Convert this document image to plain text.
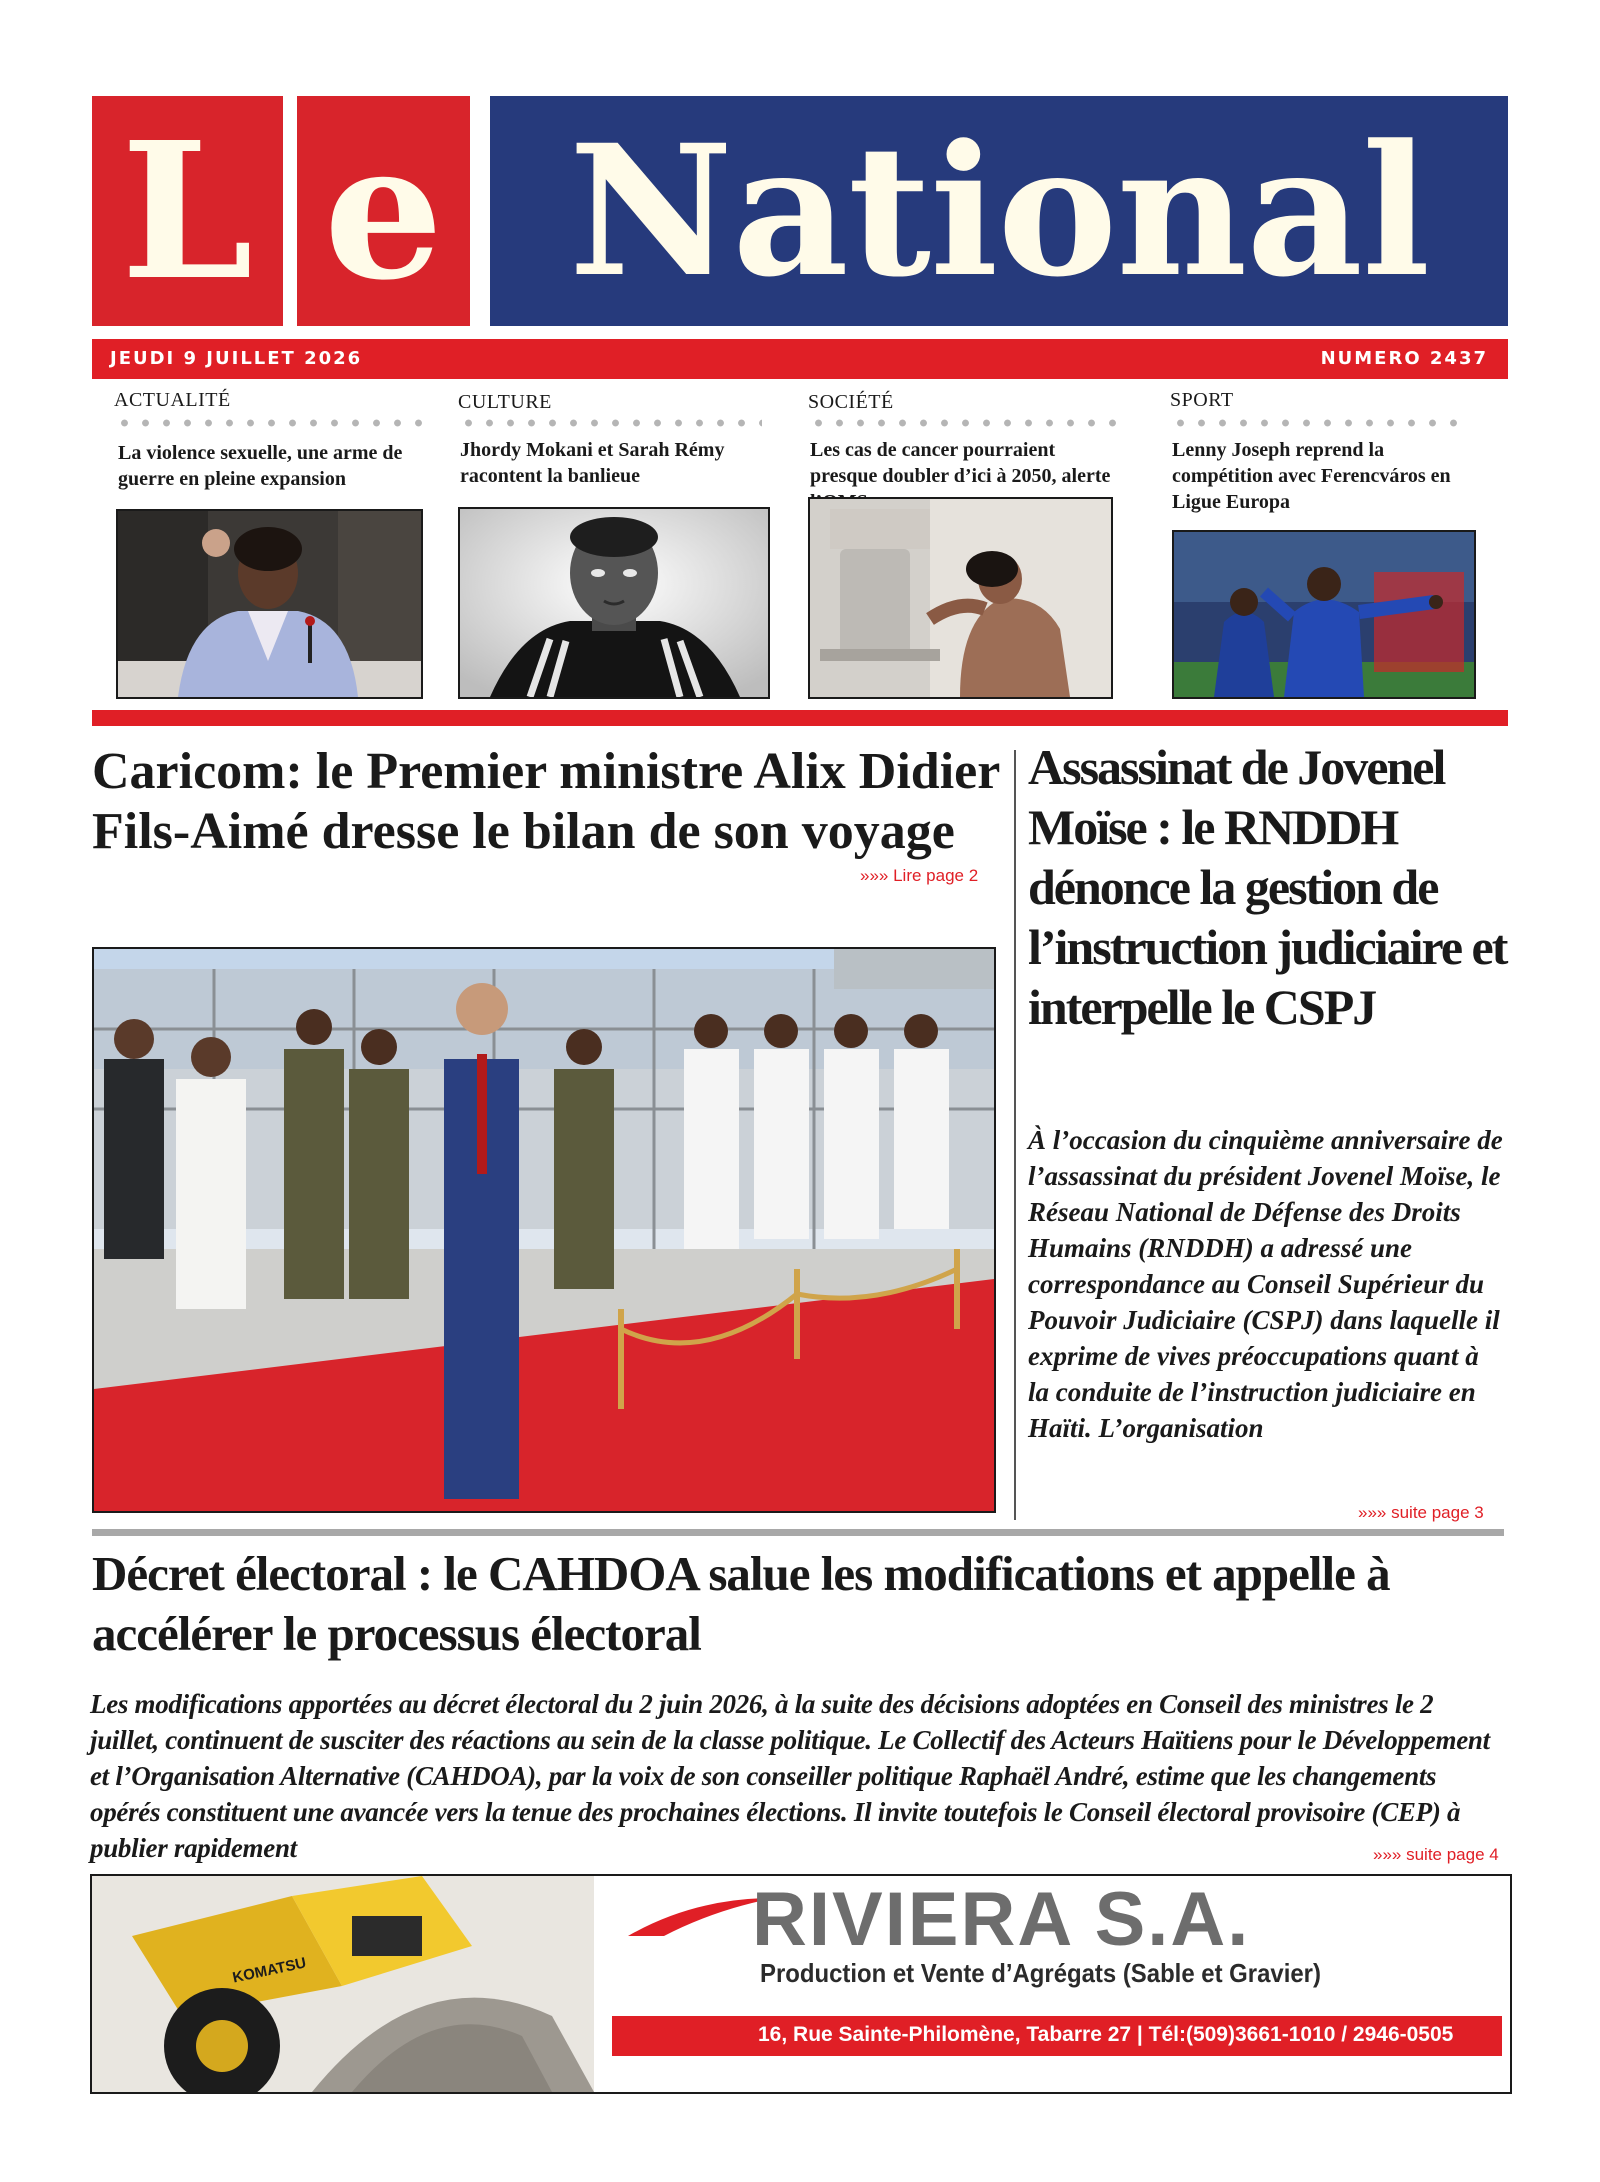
L e National
JEUDI 9 JUILLET 2026	NUMERO 2437
ACTUALITÉ
La violence sexuelle, une arme de guerre en pleine expansion
CULTURE
Jhordy Mokani et Sarah Rémy racontent la banlieue
SOCIÉTÉ
Les cas de cancer pourraient presque doubler d’ici à 2050, alerte
SPORT
Lenny Joseph reprend la compétition avec Ferencváros en Ligue Europa
Caricom: le Premier ministre Alix Didier Fils-Aimé dresse le bilan de son voyage
»»» Lire page 2
Assassinat de Jovenel Moïse : le RNDDH dénonce la gestion de l’instruction judiciaire et interpelle le CSPJ
À l’occasion du cinquième anniversaire de l’assassinat du président Jovenel Moïse, le Réseau National de Défense des Droits Humains (RNDDH) a adressé une correspondance au Conseil Supérieur du Pouvoir Judiciaire (CSPJ) dans laquelle il exprime de vives préoccupations quant à la conduite de l’instruction judiciaire en Haïti. L’organisation
»»» suite page 3
Décret électoral : le CAHDOA salue les modifications et appelle à accélérer le processus électoral
Les modifications apportées au décret électoral du 2 juin 2026, à la suite des décisions adoptées en Conseil des ministres le 2 juillet, continuent de susciter des réactions au sein de la classe politique. Le Collectif des Acteurs Haïtiens pour le Développement et l’Organisation Alternative (CAHDOA), par la voix de son conseiller politique Raphaël André, estime que les changements opérés constituent une avancée vers la tenue des prochaines élections. Il invite toutefois le Conseil électoral provisoire (CEP) à publier rapidement	»»» suite page 4
KOMATSU
RIVIERA S.A.
Production et Vente d’Agrégats (Sable et Gravier)
16, Rue Sainte-Philomène, Tabarre 27 | Tél:(509)3661-1010 / 2946-0505
